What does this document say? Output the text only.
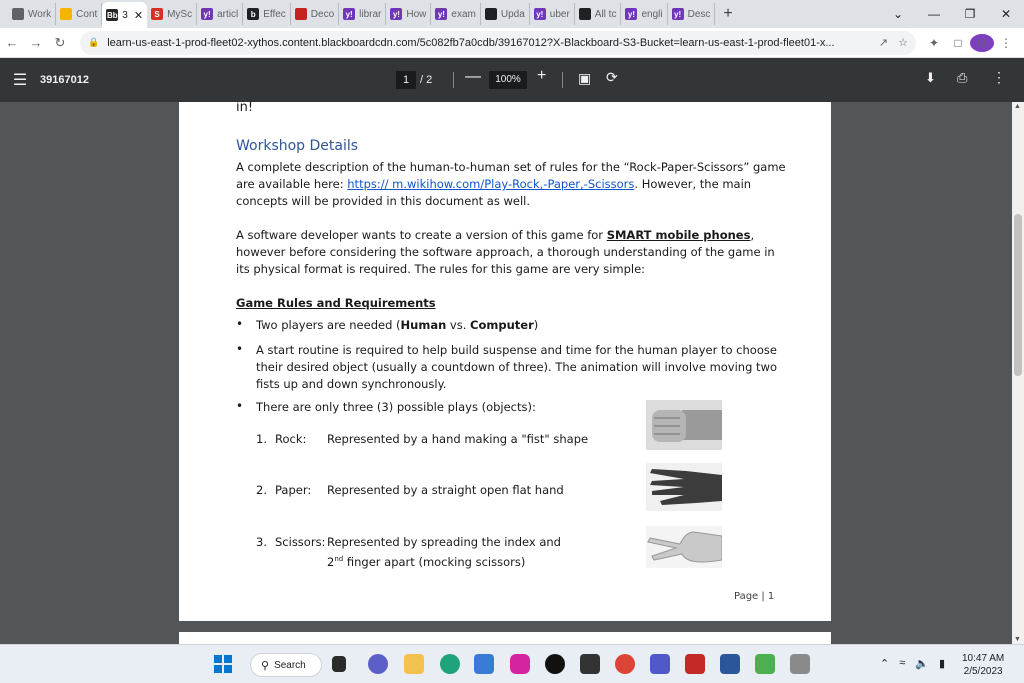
Work	Cont Bb 3 ✕	S MySc	y! articl	b Effec	Deco	y! librar	y! How	y! exam	Upda	y! uber	All tc	y! engli	y! Desc +	⌄	—	❐	✕
← → ↻	🔒 learn-us-east-1-prod-fleet02-xythos.content.blackboardcdn.com/5c082fb7a0cdb/39167012?X-Blackboard-S3-Bucket=learn-us-east-1-prod-fleet01-x...	↗ ☆	✦	□	U	⋮
☰	39167012	1 / 2 —	100%	+ ▣ ⟳	⬇ ⎙ ⋮
in!
Workshop Details
A complete description of the human-to-human set of rules for the “Rock-Paper-Scissors” game
are available here: https:// m.wikihow.com/Play-Rock,-Paper,-Scissors. However, the main
concepts will be provided in this document as well.
A software developer wants to create a version of this game for SMART mobile phones,
however before considering the software approach, a thorough understanding of the game in
its physical format is required. The rules for this game are very simple:
Game Rules and Requirements
• Two players are needed (Human vs. Computer)
• A start routine is required to help build suspense and time for the human player to choose
their desired object (usually a countdown of three). The animation will involve moving two
fists up and down synchronously.
• There are only three (3) possible plays (objects):
1. Rock: Represented by a hand making a "fist" shape
2. Paper: Represented by a straight open flat hand
3. Scissors: Represented by spreading the index and
2nd finger apart (mocking scissors)
Page | 1
▲
▼
⚲ Search	⌃ ≈ 🔈 ▮ 10:47 AM
2/5/2023
